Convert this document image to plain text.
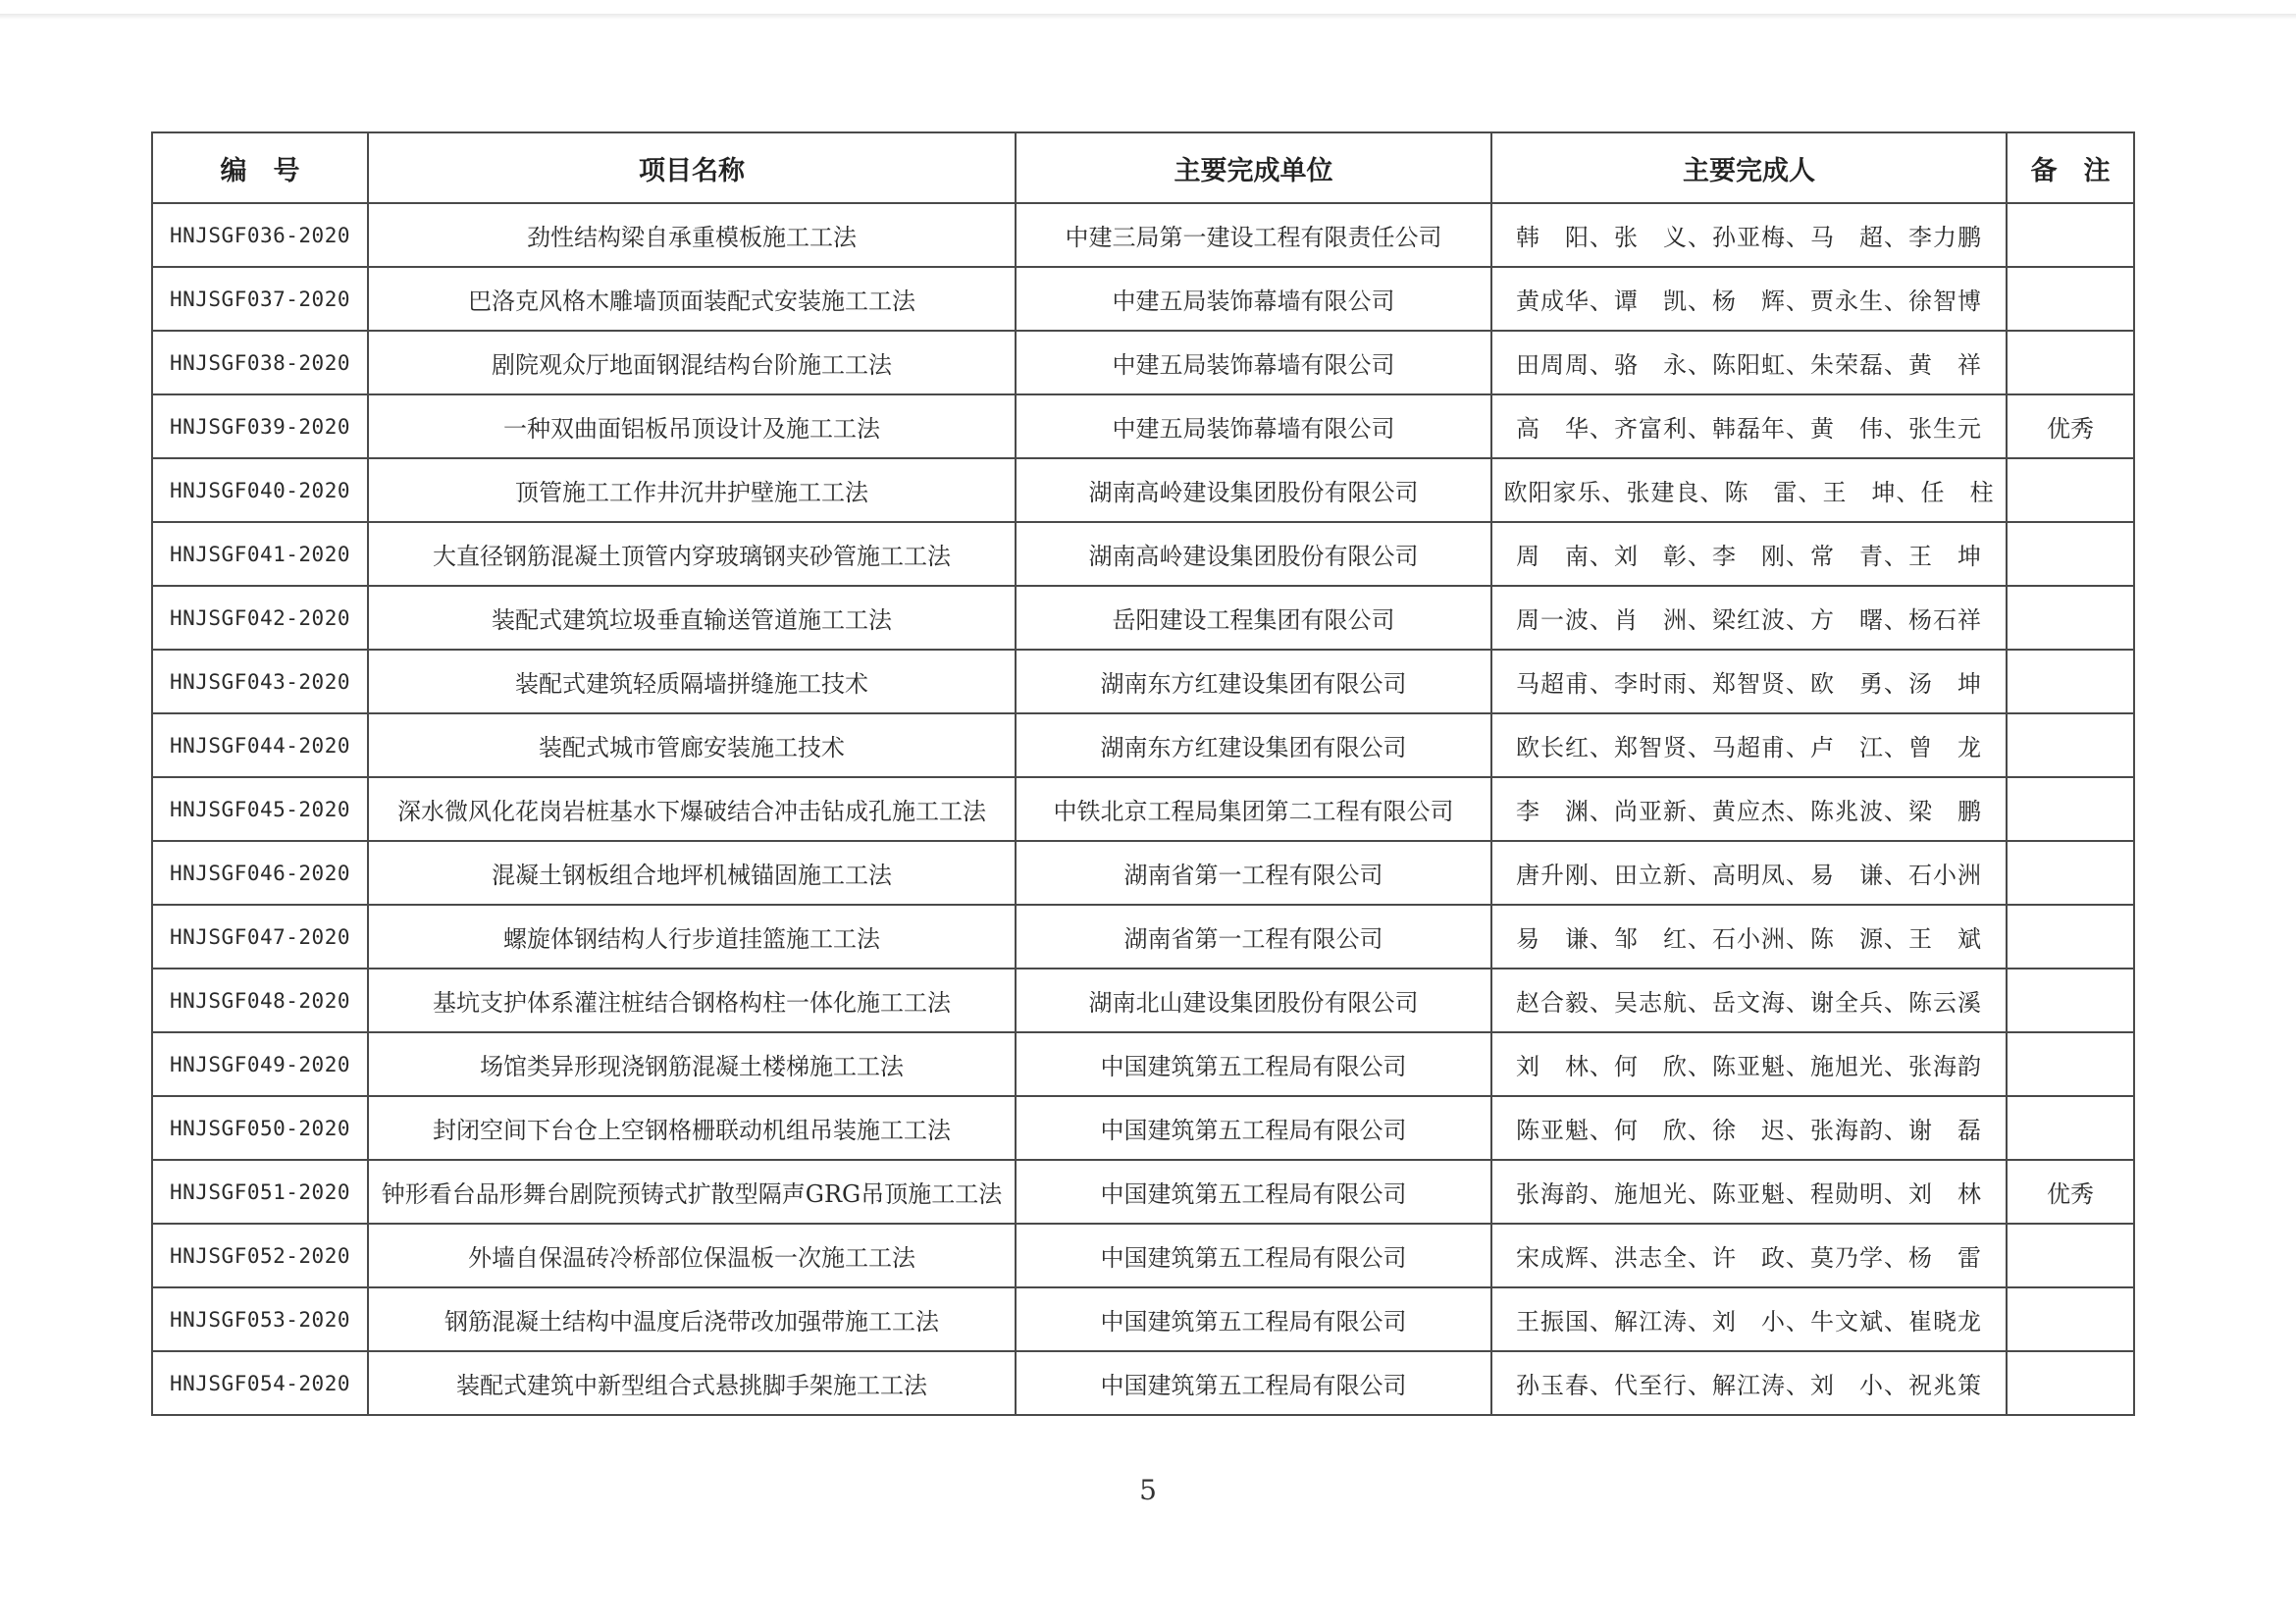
编　号	项目名称	主要完成单位	主要完成人	备　注
HNJSGF036-2020	劲性结构梁自承重模板施工工法	中建三局第一建设工程有限责任公司	韩　阳、张　义、孙亚梅、马　超、李力鹏	
HNJSGF037-2020	巴洛克风格木雕墙顶面装配式安装施工工法	中建五局装饰幕墙有限公司	黄成华、谭　凯、杨　辉、贾永生、徐智博	
HNJSGF038-2020	剧院观众厅地面钢混结构台阶施工工法	中建五局装饰幕墙有限公司	田周周、骆　永、陈阳虹、朱荣磊、黄　祥	
HNJSGF039-2020	一种双曲面铝板吊顶设计及施工工法	中建五局装饰幕墙有限公司	高　华、齐富利、韩磊年、黄　伟、张生元	优秀
HNJSGF040-2020	顶管施工工作井沉井护壁施工工法	湖南高岭建设集团股份有限公司	欧阳家乐、张建良、陈　雷、王　坤、任　柱	
HNJSGF041-2020	大直径钢筋混凝土顶管内穿玻璃钢夹砂管施工工法	湖南高岭建设集团股份有限公司	周　南、刘　彰、李　刚、常　青、王　坤	
HNJSGF042-2020	装配式建筑垃圾垂直输送管道施工工法	岳阳建设工程集团有限公司	周一波、肖　洲、梁红波、方　曙、杨石祥	
HNJSGF043-2020	装配式建筑轻质隔墙拼缝施工技术	湖南东方红建设集团有限公司	马超甫、李时雨、郑智贤、欧　勇、汤　坤	
HNJSGF044-2020	装配式城市管廊安装施工技术	湖南东方红建设集团有限公司	欧长红、郑智贤、马超甫、卢　江、曾　龙	
HNJSGF045-2020	深水微风化花岗岩桩基水下爆破结合冲击钻成孔施工工法	中铁北京工程局集团第二工程有限公司	李　渊、尚亚新、黄应杰、陈兆波、梁　鹏	
HNJSGF046-2020	混凝土钢板组合地坪机械锚固施工工法	湖南省第一工程有限公司	唐升刚、田立新、高明凤、易　谦、石小洲	
HNJSGF047-2020	螺旋体钢结构人行步道挂篮施工工法	湖南省第一工程有限公司	易　谦、邹　红、石小洲、陈　源、王　斌	
HNJSGF048-2020	基坑支护体系灌注桩结合钢格构柱一体化施工工法	湖南北山建设集团股份有限公司	赵合毅、吴志航、岳文海、谢全兵、陈云溪	
HNJSGF049-2020	场馆类异形现浇钢筋混凝土楼梯施工工法	中国建筑第五工程局有限公司	刘　林、何　欣、陈亚魁、施旭光、张海韵	
HNJSGF050-2020	封闭空间下台仓上空钢格栅联动机组吊装施工工法	中国建筑第五工程局有限公司	陈亚魁、何　欣、徐　迟、张海韵、谢　磊	
HNJSGF051-2020	钟形看台品形舞台剧院预铸式扩散型隔声GRG吊顶施工工法	中国建筑第五工程局有限公司	张海韵、施旭光、陈亚魁、程勋明、刘　林	优秀
HNJSGF052-2020	外墙自保温砖冷桥部位保温板一次施工工法	中国建筑第五工程局有限公司	宋成辉、洪志全、许　政、莫乃学、杨　雷	
HNJSGF053-2020	钢筋混凝土结构中温度后浇带改加强带施工工法	中国建筑第五工程局有限公司	王振国、解江涛、刘　小、牛文斌、崔晓龙	
HNJSGF054-2020	装配式建筑中新型组合式悬挑脚手架施工工法	中国建筑第五工程局有限公司	孙玉春、代至行、解江涛、刘　小、祝兆策	
5
